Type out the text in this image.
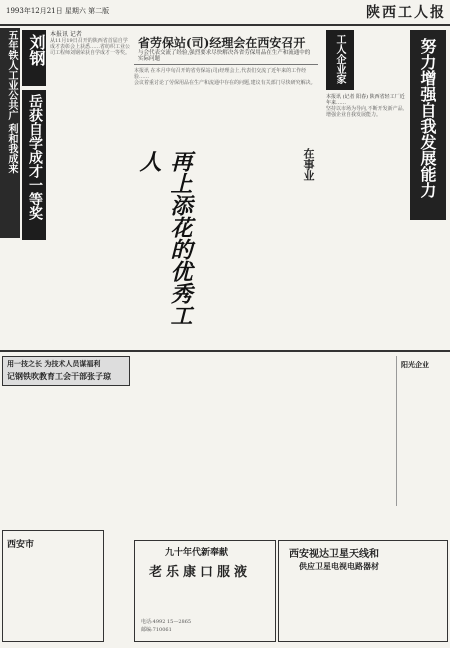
1993年12月21日 星期六 第二版	陕西工人报
五年铁人工业公共广 利和我成来 刘钢
岳获自学成才一等奖
本报讯 记者
从11月19日召开的陕西省首届自学成才表彰会上获悉……省纺织工业公司工程师刘钢荣获自学成才一等奖。
省劳保站(司)经理会在西安召开
与会代表交流了经验,强烈要求尽快解决各省劳保用品在生产和流通中的实际问题
本报讯 在本月中旬召开的省劳保站(司)经理会上,代表们交流了近年来的工作经验……
会议着重讨论了劳保用品在生产和流通中存在的问题,建议有关部门尽快研究解决。
再上添花的优秀工人	在事业
工人企业家	努力增强自我发展能力
本报讯 (记者 阳春) 陕西省轻工厂近年来……
坚持以市场为导向,不断开发新产品,增强企业自我发展能力。
用一技之长 为技术人员谋福利
记钢铁吹教育工会干部张子琼
阳光企业
西安市
九十年代新奉献
老乐康口服液
电话:4992 15—2865
邮编:710061
西安视达卫星天线和
供应卫星电视电路器材
